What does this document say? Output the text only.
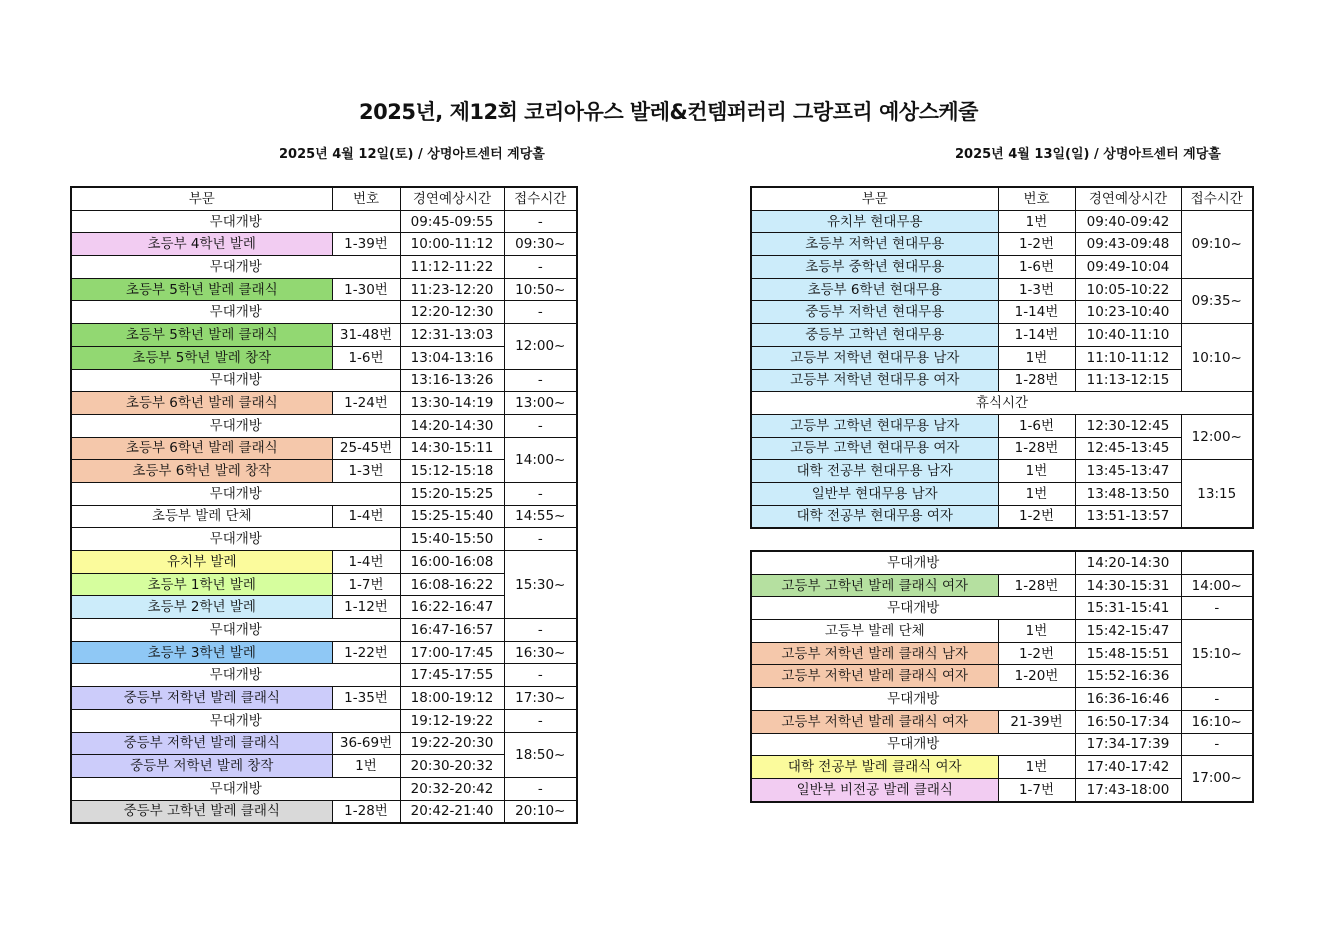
2025년, 제12회 코리아유스 발레&컨템퍼러리 그랑프리 예상스케줄
2025년 4월 12일(토) / 상명아트센터 계당홀	2025년 4월 13일(일) / 상명아트센터 계당홀
부문	번호	경연예상시간	접수시간
무대개방		09:45-09:55	-
초등부 4학년 발레	1-39번	10:00-11:12	09:30~
무대개방		11:12-11:22	-
초등부 5학년 발레 클래식	1-30번	11:23-12:20	10:50~
무대개방		12:20-12:30	-
초등부 5학년 발레 클래식	31-48번	12:31-13:03	12:00~
초등부 5학년 발레 창작	1-6번	13:04-13:16	
무대개방		13:16-13:26	-
초등부 6학년 발레 클래식	1-24번	13:30-14:19	13:00~
무대개방		14:20-14:30	-
초등부 6학년 발레 클래식	25-45번	14:30-15:11	14:00~
초등부 6학년 발레 창작	1-3번	15:12-15:18	
무대개방		15:20-15:25	-
초등부 발레 단체	1-4번	15:25-15:40	14:55~
무대개방		15:40-15:50	-
유치부 발레	1-4번	16:00-16:08	15:30~
초등부 1학년 발레	1-7번	16:08-16:22	
초등부 2학년 발레	1-12번	16:22-16:47	
무대개방		16:47-16:57	-
초등부 3학년 발레	1-22번	17:00-17:45	16:30~
무대개방		17:45-17:55	-
중등부 저학년 발레 클래식	1-35번	18:00-19:12	17:30~
무대개방		19:12-19:22	-
중등부 저학년 발레 클래식	36-69번	19:22-20:30	18:50~
중등부 저학년 발레 창작	1번	20:30-20:32	
무대개방		20:32-20:42	-
중등부 고학년 발레 클래식	1-28번	20:42-21:40	20:10~
부문	번호	경연예상시간	접수시간
유치부 현대무용	1번	09:40-09:42	09:10~
초등부 저학년 현대무용	1-2번	09:43-09:48	
초등부 중학년 현대무용	1-6번	09:49-10:04	
초등부 6학년 현대무용	1-3번	10:05-10:22	09:35~
중등부 저학년 현대무용	1-14번	10:23-10:40	
중등부 고학년 현대무용	1-14번	10:40-11:10	10:10~
고등부 저학년 현대무용 남자	1번	11:10-11:12	
고등부 저학년 현대무용 여자	1-28번	11:13-12:15	
휴식시간			
고등부 고학년 현대무용 남자	1-6번	12:30-12:45	12:00~
고등부 고학년 현대무용 여자	1-28번	12:45-13:45	
대학 전공부 현대무용 남자	1번	13:45-13:47	13:15
일반부 현대무용 남자	1번	13:48-13:50	
대학 전공부 현대무용 여자	1-2번	13:51-13:57	
무대개방		14:20-14:30	
고등부 고학년 발레 클래식 여자	1-28번	14:30-15:31	14:00~
무대개방		15:31-15:41	-
고등부 발레 단체	1번	15:42-15:47	15:10~
고등부 저학년 발레 클래식 남자	1-2번	15:48-15:51	
고등부 저학년 발레 클래식 여자	1-20번	15:52-16:36	
무대개방		16:36-16:46	-
고등부 저학년 발레 클래식 여자	21-39번	16:50-17:34	16:10~
무대개방		17:34-17:39	-
대학 전공부 발레 클래식 여자	1번	17:40-17:42	17:00~
일반부 비전공 발레 클래식	1-7번	17:43-18:00	
